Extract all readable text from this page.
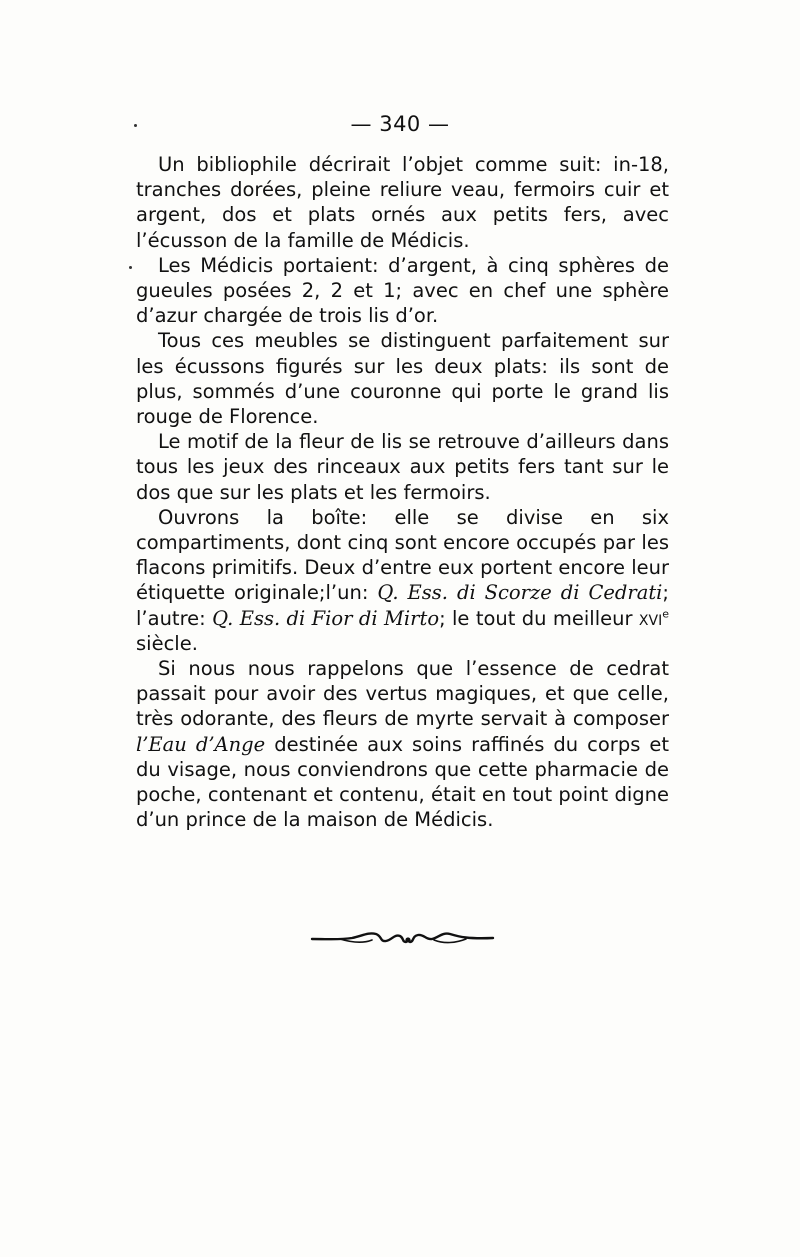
— 340 —

Un bibliophile décrirait l’objet comme suit: in-18, tranches dorées, pleine reliure veau, fermoirs cuir et argent, dos et plats ornés aux petits fers, avec l’écusson de la famille de Médicis.

Les Médicis portaient: d’argent, à cinq sphères de gueules posées 2, 2 et 1; avec en chef une sphère d’azur chargée de trois lis d’or.

Tous ces meubles se distinguent parfaitement sur les écussons figurés sur les deux plats: ils sont de plus, sommés d’une couronne qui porte le grand lis rouge de Florence.

Le motif de la fleur de lis se retrouve d’ailleurs dans tous les jeux des rinceaux aux petits fers tant sur le dos que sur les plats et les fermoirs.

Ouvrons la boîte: elle se divise en six compartiments, dont cinq sont encore occupés par les flacons primitifs. Deux d’entre eux portent encore leur étiquette originale;l’un: Q. Ess. di Scorze di Cedrati; l’autre: Q. Ess. di Fior di Mirto; le tout du meilleur xvi$^e$ siècle.

Si nous nous rappelons que l’essence de cedrat passait pour avoir des vertus magiques, et que celle, très odorante, des fleurs de myrte servait à composer l’Eau d’Ange destinée aux soins raffinés du corps et du visage, nous conviendrons que cette pharmacie de poche, contenant et contenu, était en tout point digne d’un prince de la maison de Médicis.
